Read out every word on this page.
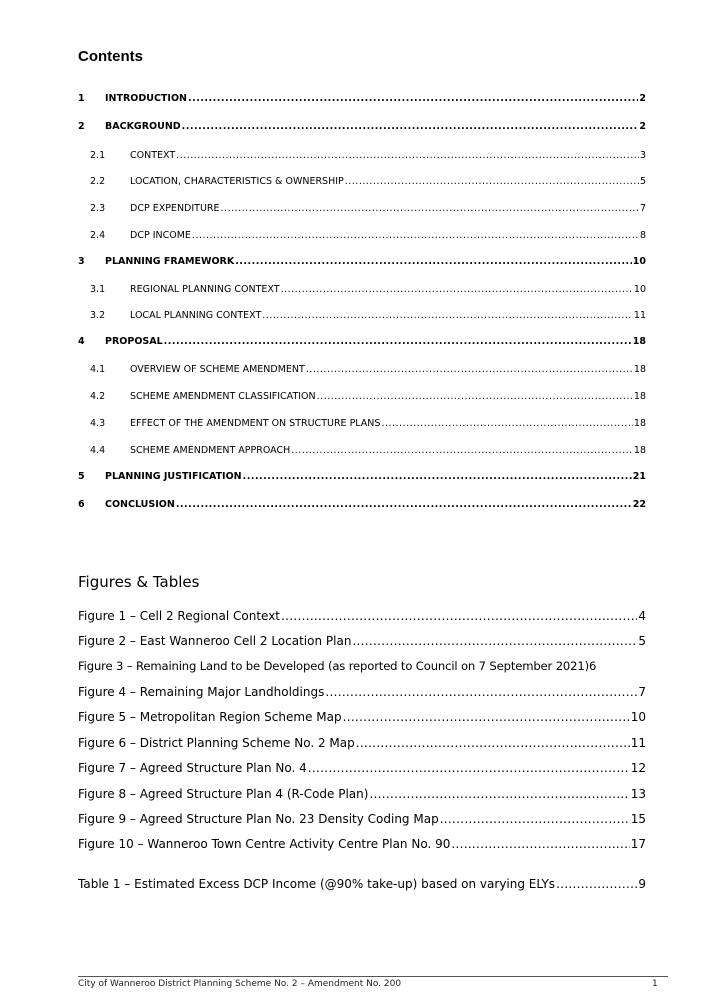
Contents
1	INTRODUCTION .....	2
2	BACKGROUND .....	2
2.1	CONTEXT .....	3
2.2	LOCATION, CHARACTERISTICS & OWNERSHIP .....	5
2.3	DCP EXPENDITURE .....	7
2.4	DCP INCOME .....	8
3	PLANNING FRAMEWORK .....	10
3.1	REGIONAL PLANNING CONTEXT .....	10
3.2	LOCAL PLANNING CONTEXT .....	11
4	PROPOSAL .....	18
4.1	OVERVIEW OF SCHEME AMENDMENT .....	18
4.2	SCHEME AMENDMENT CLASSIFICATION .....	18
4.3	EFFECT OF THE AMENDMENT ON STRUCTURE PLANS .....	18
4.4	SCHEME AMENDMENT APPROACH .....	18
5	PLANNING JUSTIFICATION .....	21
6	CONCLUSION .....	22
Figures & Tables
Figure 1 – Cell 2 Regional Context .....	4
Figure 2 – East Wanneroo Cell 2 Location Plan .....	5
Figure 3 – Remaining Land to be Developed (as reported to Council on 7 September 2021) 6
Figure 4 – Remaining Major Landholdings .....	7
Figure 5 – Metropolitan Region Scheme Map .....	10
Figure 6 – District Planning Scheme No. 2 Map .....	11
Figure 7 – Agreed Structure Plan No. 4 .....	12
Figure 8 – Agreed Structure Plan 4 (R-Code Plan) .....	13
Figure 9 – Agreed Structure Plan No. 23 Density Coding Map .....	15
Figure 10 – Wanneroo Town Centre Activity Centre Plan No. 90 .....	17
Table 1 – Estimated Excess DCP Income (@90% take-up) based on varying ELYs .....	9
City of Wanneroo District Planning Scheme No. 2 – Amendment No. 200	1
